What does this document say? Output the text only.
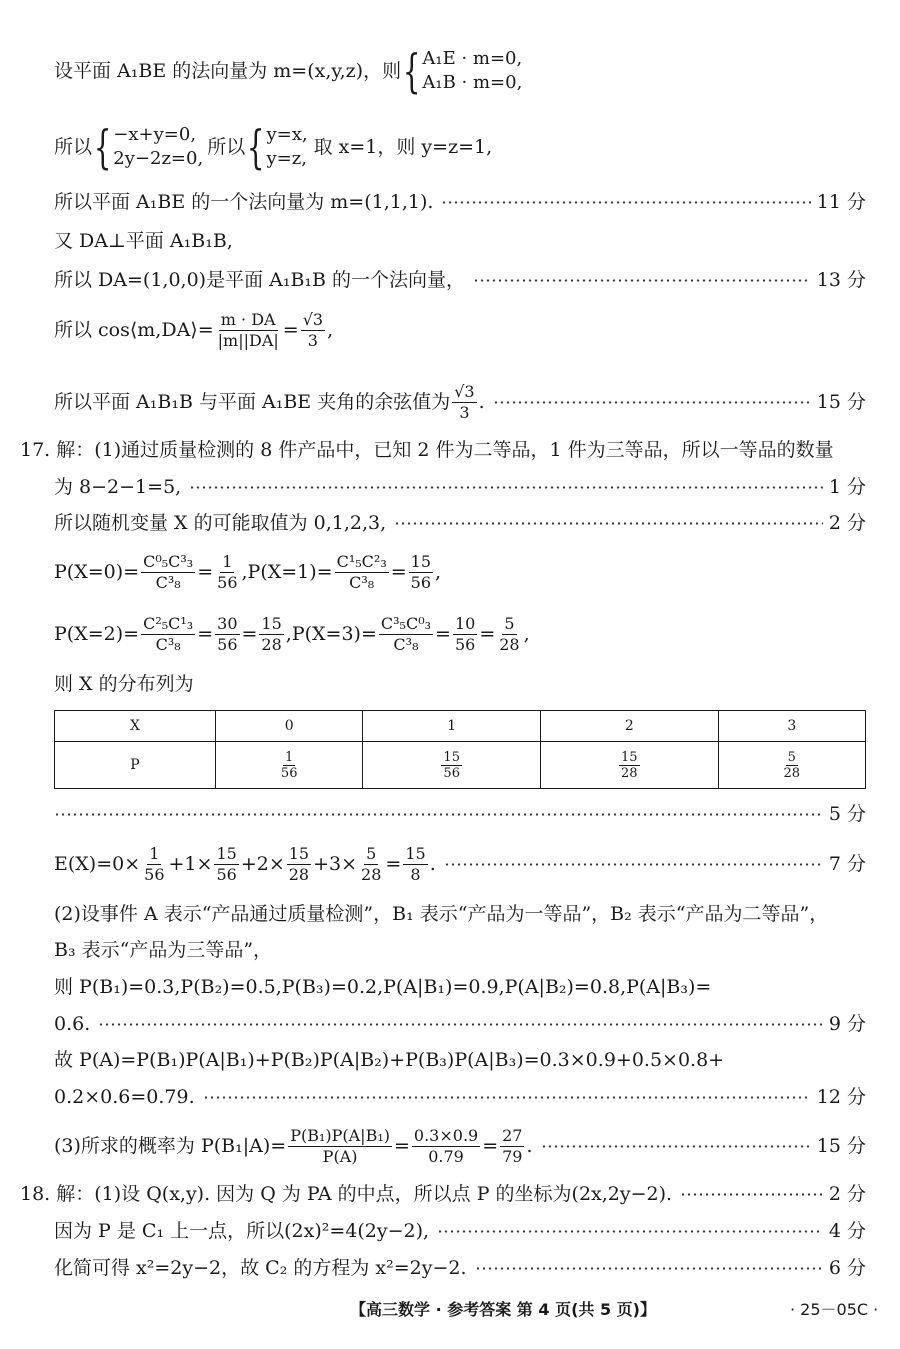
设平面 A₁BE 的法向量为 m=(x,y,z)，则 { A₁E · m=0,
A₁B · m=0,
所以 { −x+y=0,
2y−2z=0,
所以 { y=x,
y=z,
取 x=1，则 y=z=1,
所以平面 A₁BE 的一个法向量为 m=(1,1,1).	11 分
又 DA⊥平面 A₁B₁B,
所以 DA=(1,0,0)是平面 A₁B₁B 的一个法向量，	13 分
所以 cos⟨m,DA⟩= $\frac{m \cdot DA}{|m||DA|} = \frac{√3}{3}$ ,
所以平面 A₁B₁B 与平面 A₁BE 夹角的余弦值为 $\frac{√3}{3}$ .	15 分
17. 解：(1)通过质量检测的 8 件产品中，已知 2 件为二等品，1 件为三等品，所以一等品的数量
为 8−2−1=5,	1 分
所以随机变量 X 的可能取值为 0,1,2,3,	2 分
$P(X=0)= \frac{\text{C⁰₅C³₃}}{\text{C³₈}} = \frac{1}{56} ,P(X=1)= \frac{\text{C¹₅C²₃}}{\text{C³₈}} = \frac{15}{56}$ ,
$P(X=2)= \frac{\text{C²₅C¹₃}}{\text{C³₈}} = \frac{30}{56} = \frac{15}{28} ,P(X=3)= \frac{\text{C³₅C⁰₃}}{\text{C³₈}} = \frac{10}{56} = \frac{5}{28}$ ,
则 X 的分布列为
X	0	1	2	3
P	$\frac{1}{56}$	$\frac{15}{56}$	$\frac{15}{28}$	$\frac{5}{28}$
5 分
$E(X)=0\times \frac{1}{56} +1\times \frac{15}{56} +2\times \frac{15}{28} +3\times \frac{5}{28} = \frac{15}{8}$ .	7 分
(2)设事件 A 表示“产品通过质量检测”，B₁ 表示“产品为一等品”，B₂ 表示“产品为二等品”，
B₃ 表示“产品为三等品”，
则 P(B₁)=0.3,P(B₂)=0.5,P(B₃)=0.2,P(A|B₁)=0.9,P(A|B₂)=0.8,P(A|B₃)=
0.6.	9 分
故 P(A)=P(B₁)P(A|B₁)+P(B₂)P(A|B₂)+P(B₃)P(A|B₃)=0.3×0.9+0.5×0.8+
0.2×0.6=0.79.	12 分
(3)所求的概率为 $P(B_1|A)= \frac{\text{P(B₁)P(A|B₁)}}{P(A)} = \frac{0.3\times 0.9}{0.79} = \frac{27}{79}$ .	15 分
18. 解：(1)设 Q(x,y). 因为 Q 为 PA 的中点，所以点 P 的坐标为(2x,2y−2).	2 分
因为 P 是 C₁ 上一点，所以(2x)²=4(2y−2),	4 分
化简可得 x²=2y−2，故 C₂ 的方程为 x²=2y−2.	6 分
【高三数学 · 参考答案 第 4 页(共 5 页)】	· 25－05C ·
